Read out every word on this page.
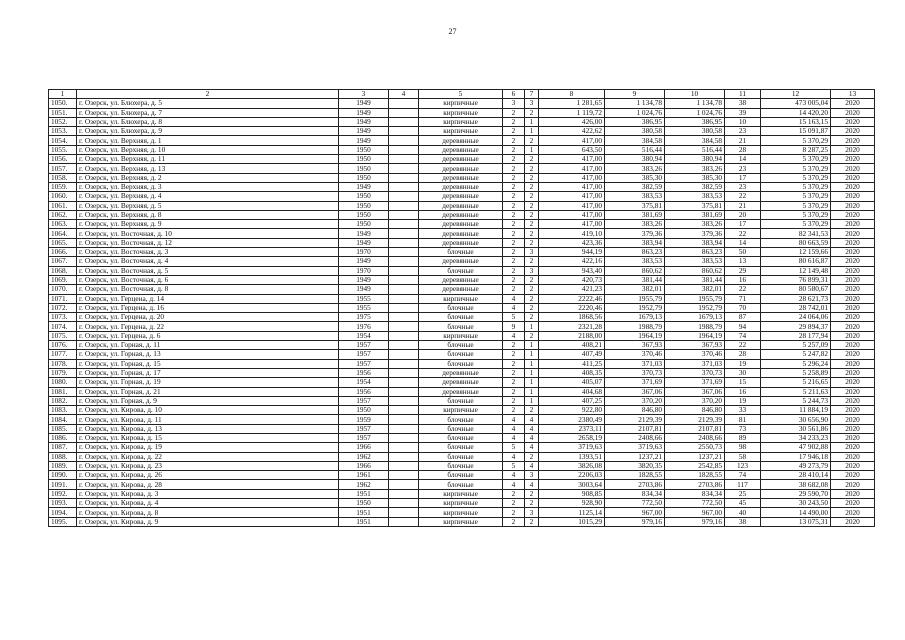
27
1	2	3	4	5	6	7	8	9	10	11	12	13
1050.	г. Озерск, ул. Блюхера, д. 5	1949		кирпичные	3	3	1 281,65	1 134,78	1 134,78	38	473 005,04	2020
1051.	г. Озерск, ул. Блюхера, д. 7	1949		кирпичные	2	2	1 119,72	1 024,76	1 024,76	39	14 420,20	2020
1052.	г. Озерск, ул. Блюхера, д. 8	1949		кирпичные	2	1	426,00	386,95	386,95	10	15 163,15	2020
1053.	г. Озерск, ул. Блюхера, д. 9	1949		кирпичные	2	1	422,62	380,58	380,58	23	15 091,87	2020
1054.	г. Озерск, ул. Верхняя, д. 1	1949		деревянные	2	2	417,00	384,58	384,58	21	5 370,29	2020
1055.	г. Озерск, ул. Верхняя, д. 10	1950		деревянные	2	1	643,50	516,44	516,44	28	8 287,25	2020
1056.	г. Озерск, ул. Верхняя, д. 11	1950		деревянные	2	2	417,00	380,94	380,94	14	5 370,29	2020
1057.	г. Озерск, ул. Верхняя, д. 13	1950		деревянные	2	2	417,00	383,26	383,26	23	5 370,29	2020
1058.	г. Озерск, ул. Верхняя, д. 2	1950		деревянные	2	2	417,00	385,30	385,30	17	5 370,29	2020
1059.	г. Озерск, ул. Верхняя, д. 3	1949		деревянные	2	2	417,00	382,59	382,59	23	5 370,29	2020
1060.	г. Озерск, ул. Верхняя, д. 4	1950		деревянные	2	2	417,00	383,53	383,53	22	5 370,29	2020
1061.	г. Озерск, ул. Верхняя, д. 5	1950		деревянные	2	2	417,00	375,81	375,81	21	5 370,29	2020
1062.	г. Озерск, ул. Верхняя, д. 8	1950		деревянные	2	2	417,00	381,69	381,69	20	5 370,29	2020
1063.	г. Озерск, ул. Верхняя, д. 9	1950		деревянные	2	2	417,00	383,26	383,26	17	5 370,29	2020
1064.	г. Озерск, ул. Восточная, д. 10	1949		деревянные	2	2	419,10	379,36	379,36	22	82 341,53	2020
1065.	г. Озерск, ул. Восточная, д. 12	1949		деревянные	2	2	423,36	383,94	383,94	14	80 663,59	2020
1066.	г. Озерск, ул. Восточная, д. 3	1970		блочные	2	3	944,19	863,23	863,23	50	12 159,66	2020
1067.	г. Озерск, ул. Восточная, д. 4	1949		деревянные	2	2	422,16	383,53	383,53	13	80 616,87	2020
1068.	г. Озерск, ул. Восточная, д. 5	1970		блочные	2	3	943,40	860,62	860,62	29	12 149,48	2020
1069.	г. Озерск, ул. Восточная, д. 6	1949		деревянные	2	2	420,73	381,44	381,44	16	76 899,31	2020
1070.	г. Озерск, ул. Восточная, д. 8	1949		деревянные	2	2	421,23	382,01	382,01	22	80 580,67	2020
1071.	г. Озерск, ул. Герцена, д. 14	1955		кирпичные	4	2	2222,46	1955,79	1955,79	71	28 621,73	2020
1072.	г. Озерск, ул. Герцена, д. 16	1955		блочные	4	2	2220,46	1952,79	1952,79	70	28 742,01	2020
1073.	г. Озерск, ул. Герцена, д. 20	1975		блочные	5	2	1868,56	1679,13	1679,13	87	24 064,06	2020
1074.	г. Озерск, ул. Герцена, д. 22	1976		блочные	9	1	2321,28	1988,79	1988,79	94	29 894,37	2020
1075.	г. Озерск, ул. Герцена, д. 6	1954		кирпичные	4	2	2188,00	1964,19	1964,19	74	28 177,94	2020
1076.	г. Озерск, ул. Горная, д. 11	1957		блочные	2	1	408,21	367,93	367,93	22	5 257,09	2020
1077.	г. Озерск, ул. Горная, д. 13	1957		блочные	2	1	407,49	370,46	370,46	28	5 247,82	2020
1078.	г. Озерск, ул. Горная, д. 15	1957		блочные	2	1	411,25	371,03	371,03	19	5 296,24	2020
1079.	г. Озерск, ул. Горная, д. 17	1956		деревянные	2	1	408,35	370,73	370,73	30	5 258,89	2020
1080.	г. Озерск, ул. Горная, д. 19	1954		деревянные	2	1	405,07	371,69	371,69	15	5 216,65	2020
1081.	г. Озерск, ул. Горная, д. 21	1956		деревянные	2	1	404,68	367,06	367,06	16	5 211,63	2020
1082.	г. Озерск, ул. Горная, д. 9	1957		блочные	2	1	407,25	370,20	370,20	19	5 244,73	2020
1083.	г. Озерск, ул. Кирова, д. 10	1950		кирпичные	2	2	922,80	846,80	846,80	33	11 884,19	2020
1084.	г. Озерск, ул. Кирова, д. 11	1959		блочные	4	4	2380,49	2129,39	2129,39	81	30 656,90	2020
1085.	г. Озерск, ул. Кирова, д. 13	1957		блочные	4	4	2373,11	2107,81	2107,81	73	30 561,86	2020
1086.	г. Озерск, ул. Кирова, д. 15	1957		блочные	4	4	2658,19	2408,66	2408,66	89	34 233,23	2020
1087.	г. Озерск, ул. Кирова, д. 19	1966		блочные	5	4	3719,63	3719,63	2550,73	98	47 902,88	2020
1088.	г. Озерск, ул. Кирова, д. 22	1962		блочные	4	2	1393,51	1237,21	1237,21	58	17 946,18	2020
1089.	г. Озерск, ул. Кирова, д. 23	1966		блочные	5	4	3826,08	3820,35	2542,85	123	49 273,79	2020
1090.	г. Озерск, ул. Кирова, д. 26	1961		блочные	4	3	2206,03	1828,55	1828,55	74	28 410,14	2020
1091.	г. Озерск, ул. Кирова, д. 28	1962		блочные	4	4	3003,64	2703,86	2703,86	117	38 682,08	2020
1092.	г. Озерск, ул. Кирова, д. 3	1951		кирпичные	2	2	908,85	834,34	834,34	25	29 590,70	2020
1093.	г. Озерск, ул. Кирова, д. 4	1950		кирпичные	2	2	928,90	772,50	772,50	45	30 243,50	2020
1094.	г. Озерск, ул. Кирова, д. 8	1951		кирпичные	2	3	1125,14	967,00	967,00	40	14 490,00	2020
1095.	г. Озерск, ул. Кирова, д. 9	1951		кирпичные	2	2	1015,29	979,16	979,16	38	13 075,31	2020
